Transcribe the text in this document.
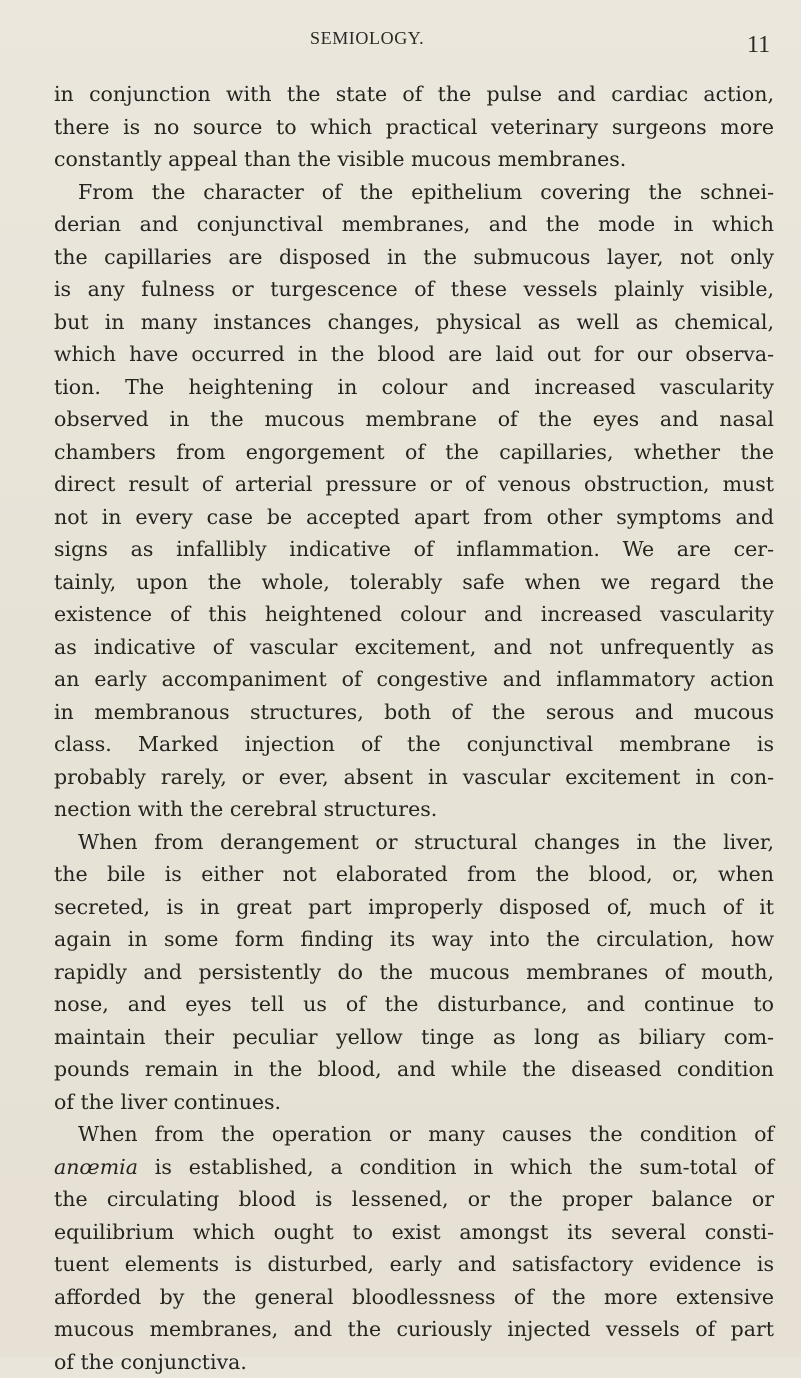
SEMIOLOGY.	11
in conjunction with the state of the pulse and cardiac action,
there is no source to which practical veterinary surgeons more
constantly appeal than the visible mucous membranes.
From the character of the epithelium covering the schnei-
derian and conjunctival membranes, and the mode in which
the capillaries are disposed in the submucous layer, not only
is any fulness or turgescence of these vessels plainly visible,
but in many instances changes, physical as well as chemical,
which have occurred in the blood are laid out for our observa-
tion. The heightening in colour and increased vascularity
observed in the mucous membrane of the eyes and nasal
chambers from engorgement of the capillaries, whether the
direct result of arterial pressure or of venous obstruction, must
not in every case be accepted apart from other symptoms and
signs as infallibly indicative of inflammation. We are cer-
tainly, upon the whole, tolerably safe when we regard the
existence of this heightened colour and increased vascularity
as indicative of vascular excitement, and not unfrequently as
an early accompaniment of congestive and inflammatory action
in membranous structures, both of the serous and mucous
class. Marked injection of the conjunctival membrane is
probably rarely, or ever, absent in vascular excitement in con-
nection with the cerebral structures.
When from derangement or structural changes in the liver,
the bile is either not elaborated from the blood, or, when
secreted, is in great part improperly disposed of, much of it
again in some form finding its way into the circulation, how
rapidly and persistently do the mucous membranes of mouth,
nose, and eyes tell us of the disturbance, and continue to
maintain their peculiar yellow tinge as long as biliary com-
pounds remain in the blood, and while the diseased condition
of the liver continues.
When from the operation or many causes the condition of
anœmia is established, a condition in which the sum-total of
the circulating blood is lessened, or the proper balance or
equilibrium which ought to exist amongst its several consti-
tuent elements is disturbed, early and satisfactory evidence is
afforded by the general bloodlessness of the more extensive
mucous membranes, and the curiously injected vessels of part
of the conjunctiva.
